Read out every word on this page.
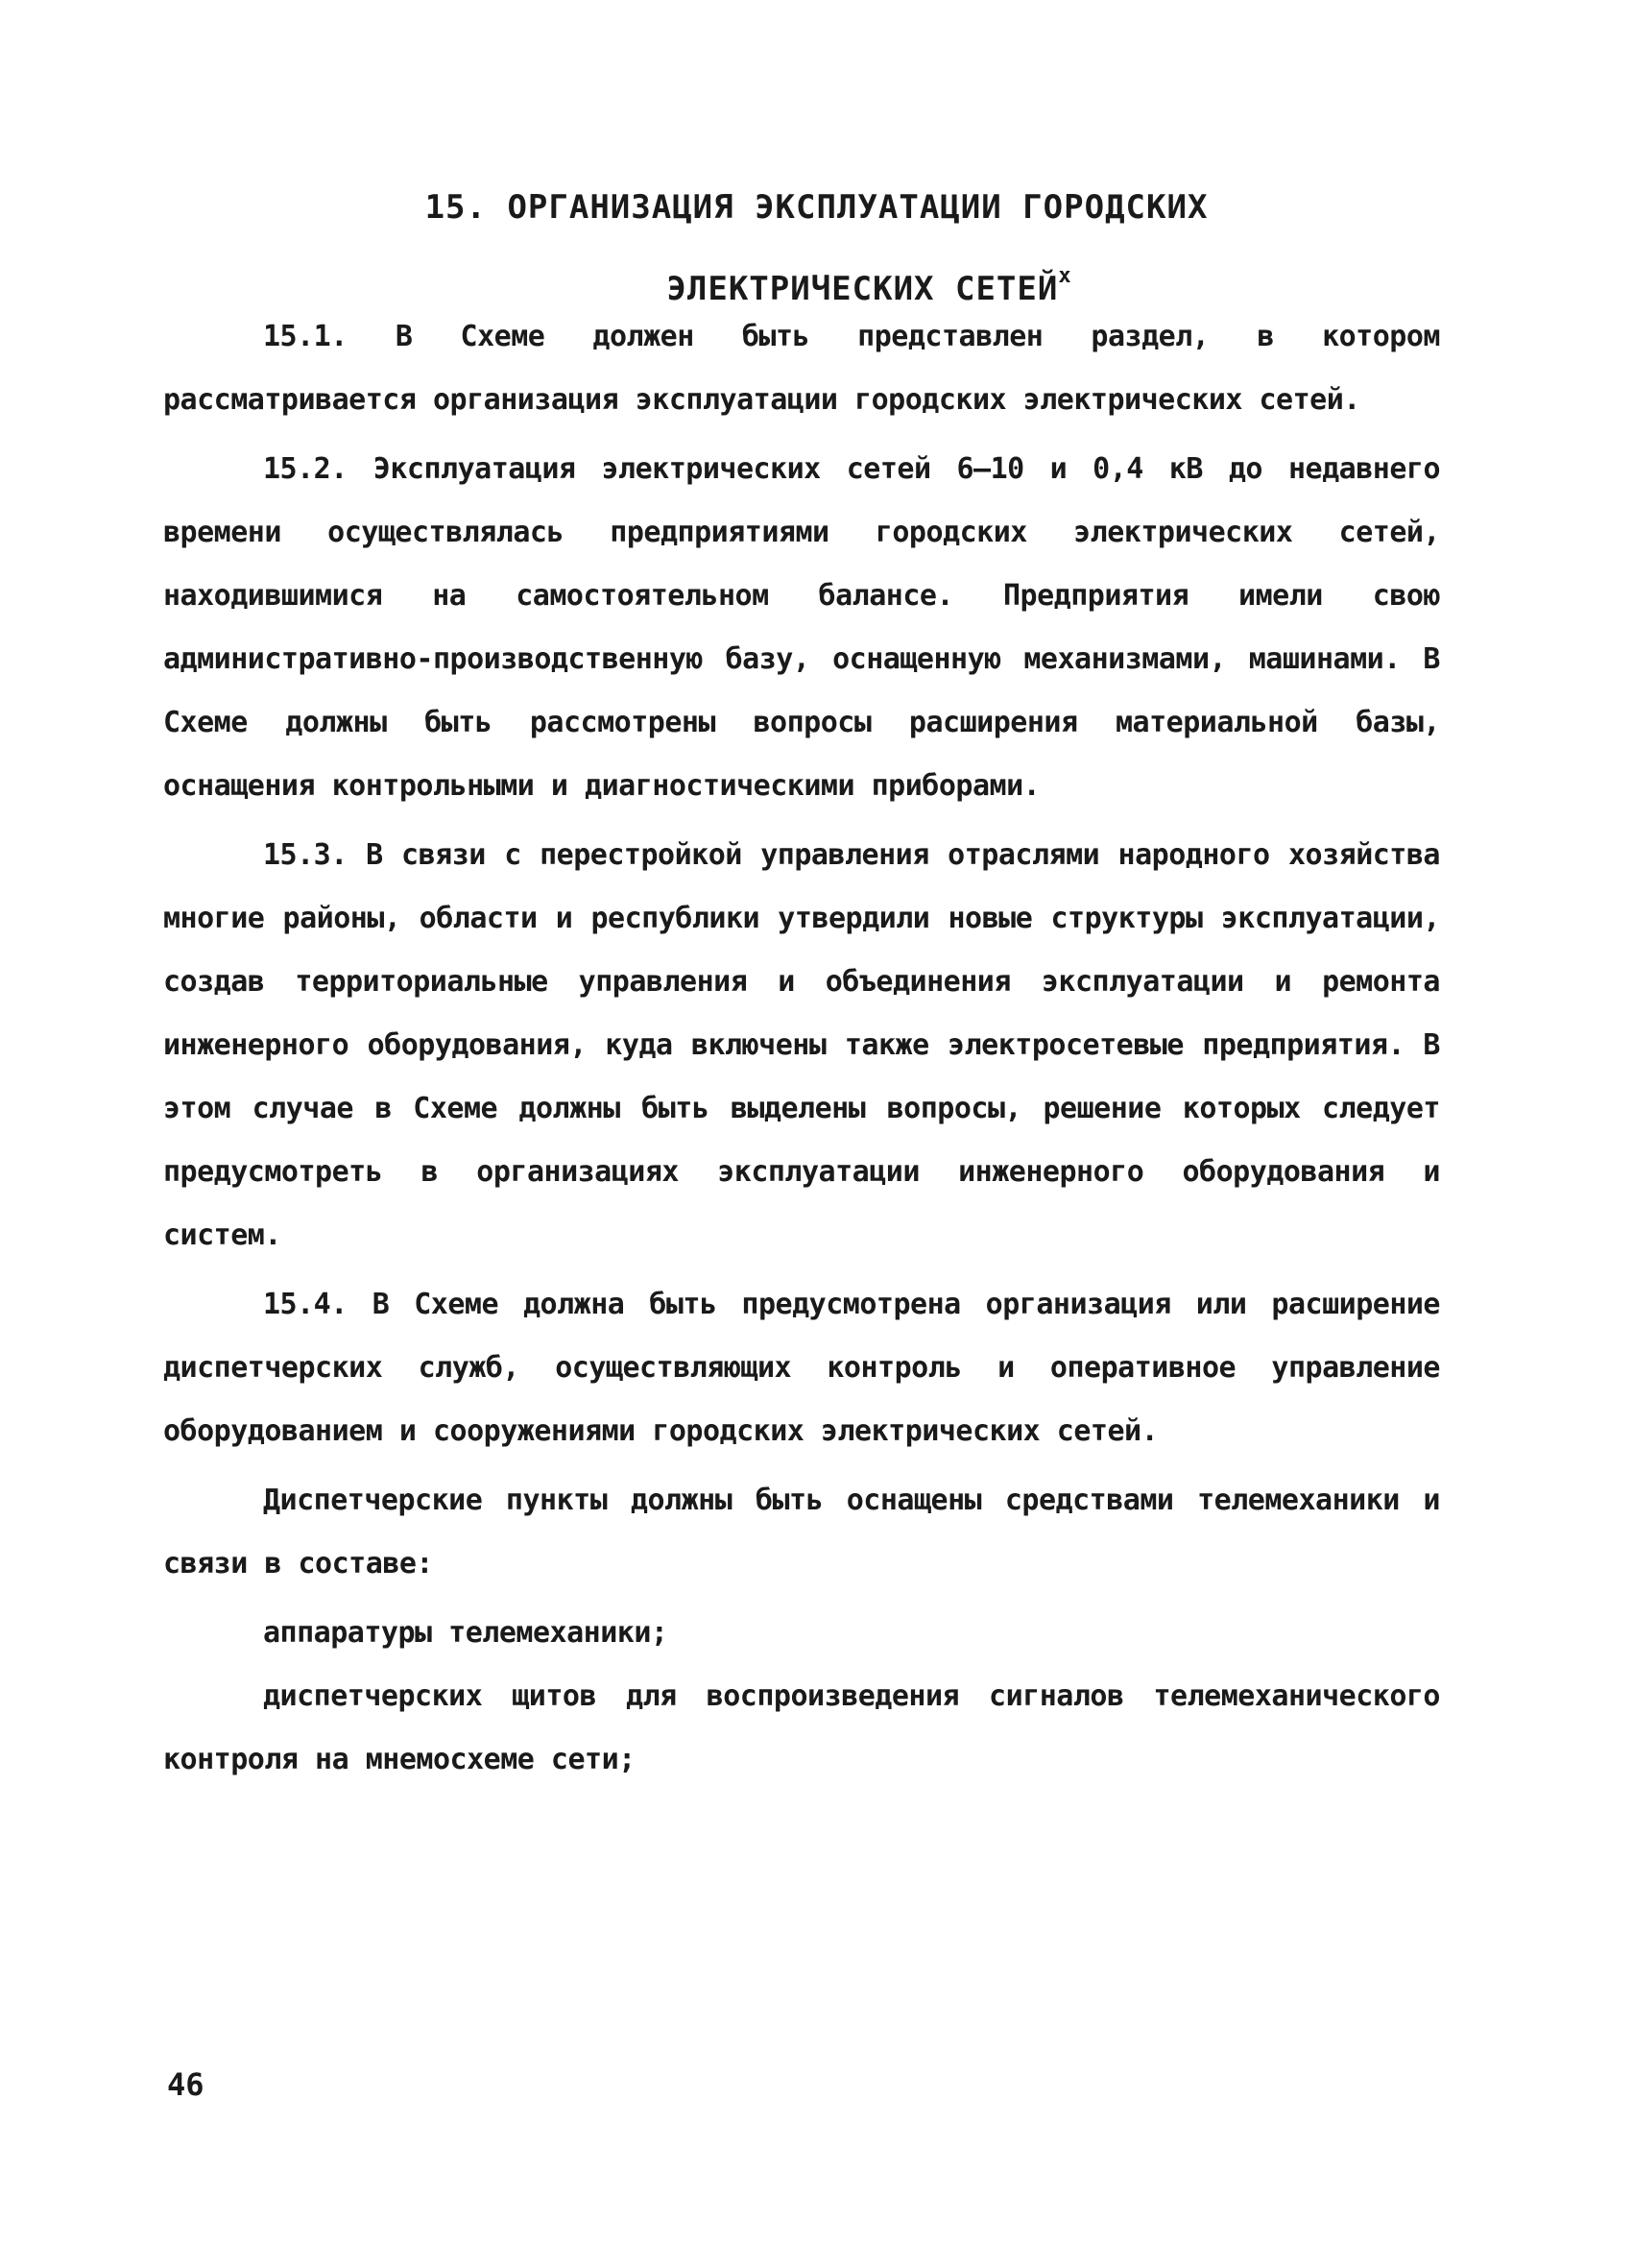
15. ОРГАНИЗАЦИЯ ЭКСПЛУАТАЦИИ ГОРОДСКИХ
ЭЛЕКТРИЧЕСКИХ СЕТЕЙ$^x$

15.1. В Схеме должен быть представлен раздел, в котором рассматривается организация эксплуатации городских электрических сетей.

15.2. Эксплуатация электрических сетей 6–10 и 0,4 кВ до недавнего времени осуществлялась предприятиями городских электрических сетей, находившимися на самостоятельном балансе. Предприятия имели свою административно-производственную базу, оснащенную механизмами, машинами. В Схеме должны быть рассмотрены вопросы расширения материальной базы, оснащения контрольными и диагностическими приборами.

15.3. В связи с перестройкой управления отраслями народного хозяйства многие районы, области и республики утвердили новые структуры эксплуатации, создав территориальные управления и объединения эксплуатации и ремонта инженерного оборудования, куда включены также электросетевые предприятия. В этом случае в Схеме должны быть выделены вопросы, решение которых следует предусмотреть в организациях эксплуатации инженерного оборудования и систем.

15.4. В Схеме должна быть предусмотрена организация или расширение диспетчерских служб, осуществляющих контроль и оперативное управление оборудованием и сооружениями городских электрических сетей.

Диспетчерские пункты должны быть оснащены средствами телемеханики и связи в составе:

аппаратуры телемеханики;

диспетчерских щитов для воспроизведения сигналов телемеханического контроля на мнемосхеме сети;

46
